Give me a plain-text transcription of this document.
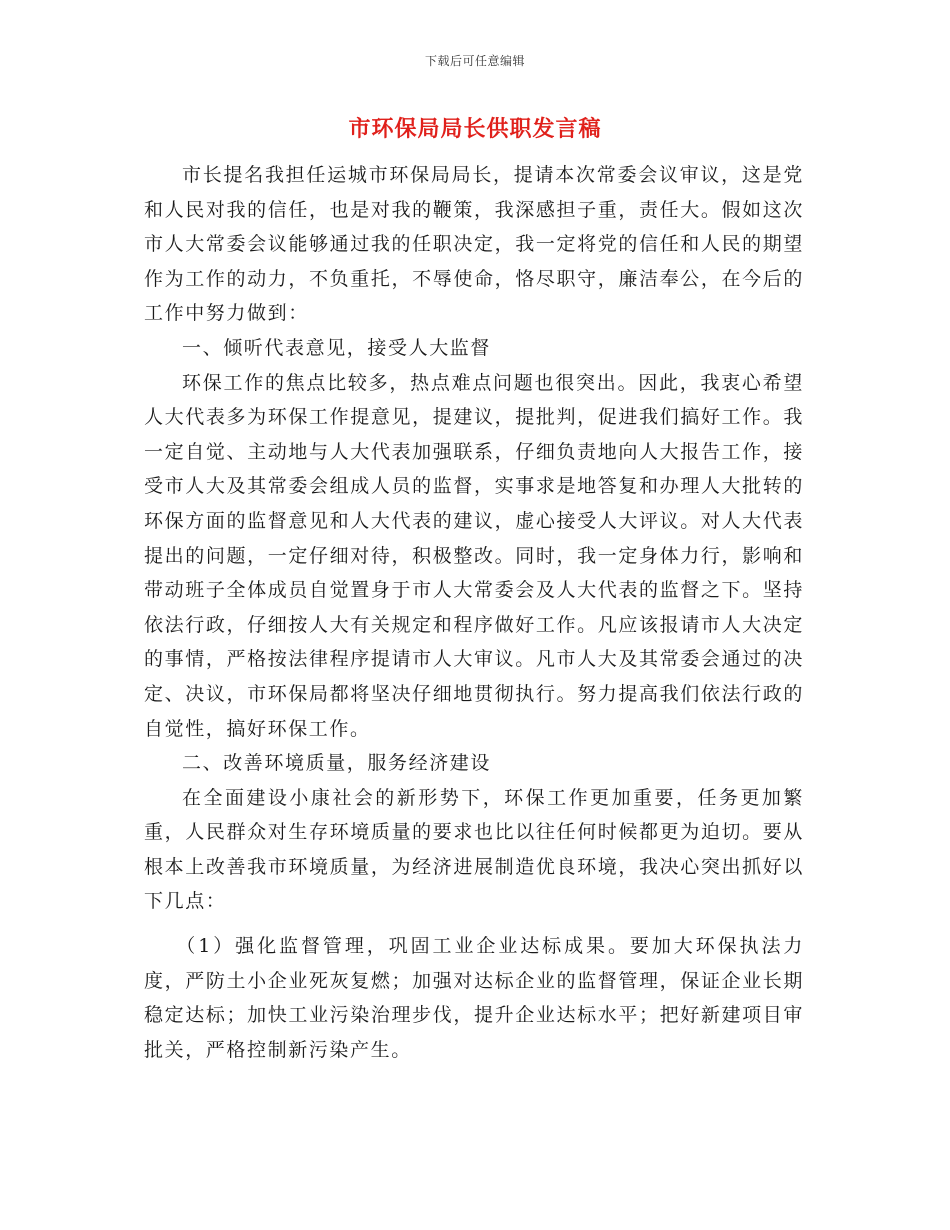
下载后可任意编辑
市环保局局长供职发言稿

市长提名我担任运城市环保局局长，提请本次常委会议审议，这是党和人民对我的信任，也是对我的鞭策，我深感担子重，责任大。假如这次市人大常委会议能够通过我的任职决定，我一定将党的信任和人民的期望作为工作的动力，不负重托，不辱使命，恪尽职守，廉洁奉公，在今后的工作中努力做到：

一、倾听代表意见，接受人大监督

环保工作的焦点比较多，热点难点问题也很突出。因此，我衷心希望人大代表多为环保工作提意见，提建议，提批判，促进我们搞好工作。我一定自觉、主动地与人大代表加强联系，仔细负责地向人大报告工作，接受市人大及其常委会组成人员的监督，实事求是地答复和办理人大批转的环保方面的监督意见和人大代表的建议，虚心接受人大评议。对人大代表提出的问题，一定仔细对待，积极整改。同时，我一定身体力行，影响和带动班子全体成员自觉置身于市人大常委会及人大代表的监督之下。坚持依法行政，仔细按人大有关规定和程序做好工作。凡应该报请市人大决定的事情，严格按法律程序提请市人大审议。凡市人大及其常委会通过的决定、决议，市环保局都将坚决仔细地贯彻执行。努力提高我们依法行政的自觉性，搞好环保工作。

二、改善环境质量，服务经济建设

在全面建设小康社会的新形势下，环保工作更加重要，任务更加繁重，人民群众对生存环境质量的要求也比以往任何时候都更为迫切。要从根本上改善我市环境质量，为经济进展制造优良环境，我决心突出抓好以下几点：

（1）强化监督管理，巩固工业企业达标成果。要加大环保执法力度，严防土小企业死灰复燃；加强对达标企业的监督管理，保证企业长期稳定达标；加快工业污染治理步伐，提升企业达标水平；把好新建项目审批关，严格控制新污染产生。
